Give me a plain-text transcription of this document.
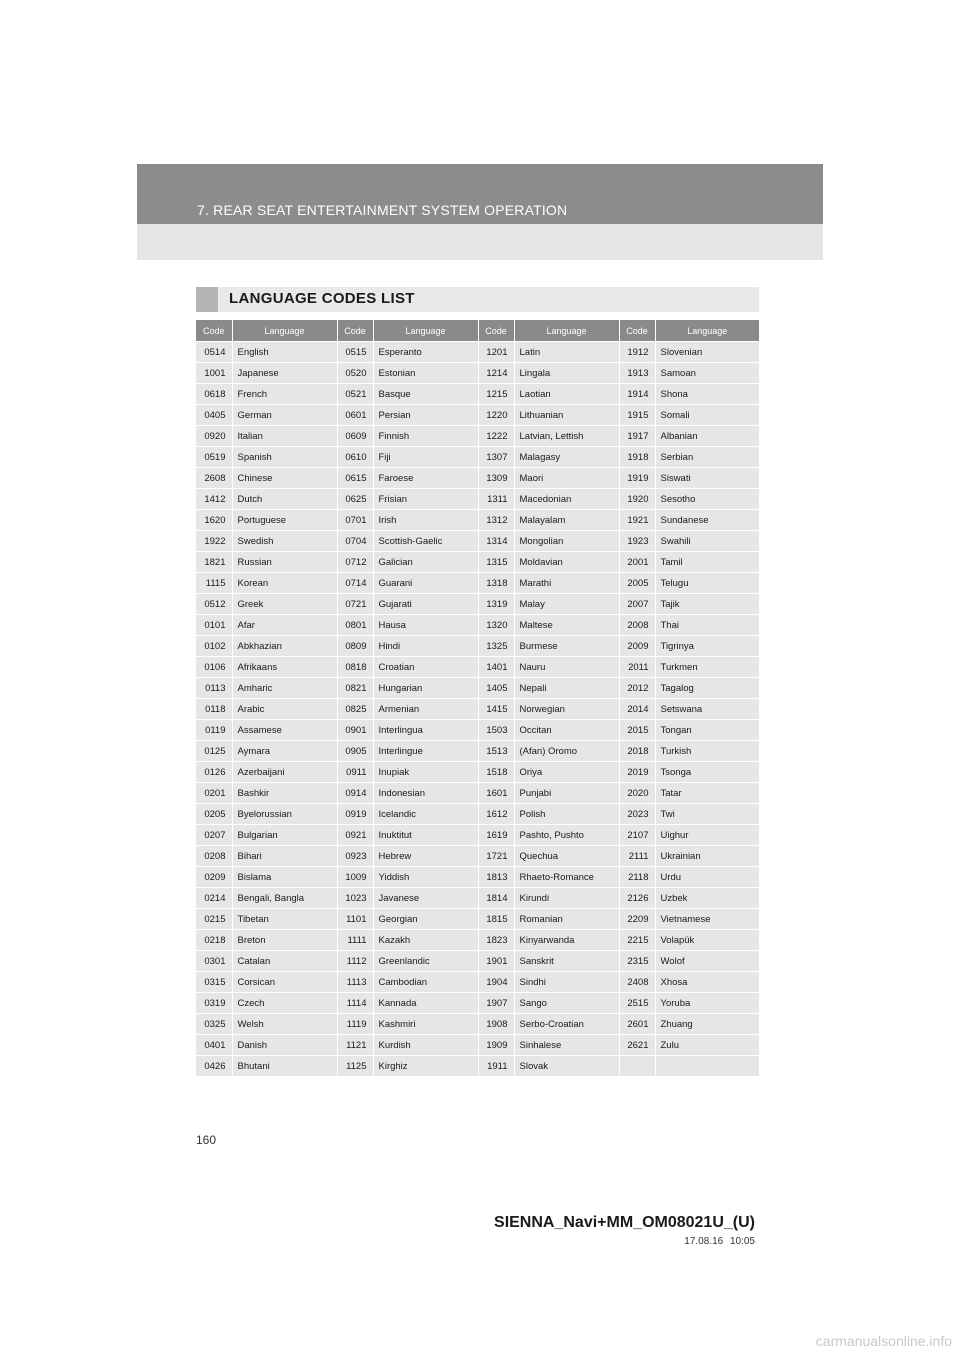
7. REAR SEAT ENTERTAINMENT SYSTEM OPERATION
LANGUAGE CODES LIST
Code	Language	Code	Language	Code	Language	Code	Language
0514	English	0515	Esperanto	1201	Latin	1912	Slovenian
1001	Japanese	0520	Estonian	1214	Lingala	1913	Samoan
0618	French	0521	Basque	1215	Laotian	1914	Shona
0405	German	0601	Persian	1220	Lithuanian	1915	Somali
0920	Italian	0609	Finnish	1222	Latvian, Lettish	1917	Albanian
0519	Spanish	0610	Fiji	1307	Malagasy	1918	Serbian
2608	Chinese	0615	Faroese	1309	Maori	1919	Siswati
1412	Dutch	0625	Frisian	1311	Macedonian	1920	Sesotho
1620	Portuguese	0701	Irish	1312	Malayalam	1921	Sundanese
1922	Swedish	0704	Scottish-Gaelic	1314	Mongolian	1923	Swahili
1821	Russian	0712	Galician	1315	Moldavian	2001	Tamil
1115	Korean	0714	Guarani	1318	Marathi	2005	Telugu
0512	Greek	0721	Gujarati	1319	Malay	2007	Tajik
0101	Afar	0801	Hausa	1320	Maltese	2008	Thai
0102	Abkhazian	0809	Hindi	1325	Burmese	2009	Tigrinya
0106	Afrikaans	0818	Croatian	1401	Nauru	2011	Turkmen
0113	Amharic	0821	Hungarian	1405	Nepali	2012	Tagalog
0118	Arabic	0825	Armenian	1415	Norwegian	2014	Setswana
0119	Assamese	0901	Interlingua	1503	Occitan	2015	Tongan
0125	Aymara	0905	Interlingue	1513	(Afan) Oromo	2018	Turkish
0126	Azerbaijani	0911	Inupiak	1518	Oriya	2019	Tsonga
0201	Bashkir	0914	Indonesian	1601	Punjabi	2020	Tatar
0205	Byelorussian	0919	Icelandic	1612	Polish	2023	Twi
0207	Bulgarian	0921	Inuktitut	1619	Pashto, Pushto	2107	Uighur
0208	Bihari	0923	Hebrew	1721	Quechua	2111	Ukrainian
0209	Bislama	1009	Yiddish	1813	Rhaeto-Romance	2118	Urdu
0214	Bengali, Bangla	1023	Javanese	1814	Kirundi	2126	Uzbek
0215	Tibetan	1101	Georgian	1815	Romanian	2209	Vietnamese
0218	Breton	1111	Kazakh	1823	Kinyarwanda	2215	Volapük
0301	Catalan	1112	Greenlandic	1901	Sanskrit	2315	Wolof
0315	Corsican	1113	Cambodian	1904	Sindhi	2408	Xhosa
0319	Czech	1114	Kannada	1907	Sango	2515	Yoruba
0325	Welsh	1119	Kashmiri	1908	Serbo-Croatian	2601	Zhuang
0401	Danish	1121	Kurdish	1909	Sinhalese	2621	Zulu
0426	Bhutani	1125	Kirghiz	1911	Slovak		
160
SIENNA_Navi+MM_OM08021U_(U)
17.08.16 10:05
carmanualsonline.info
